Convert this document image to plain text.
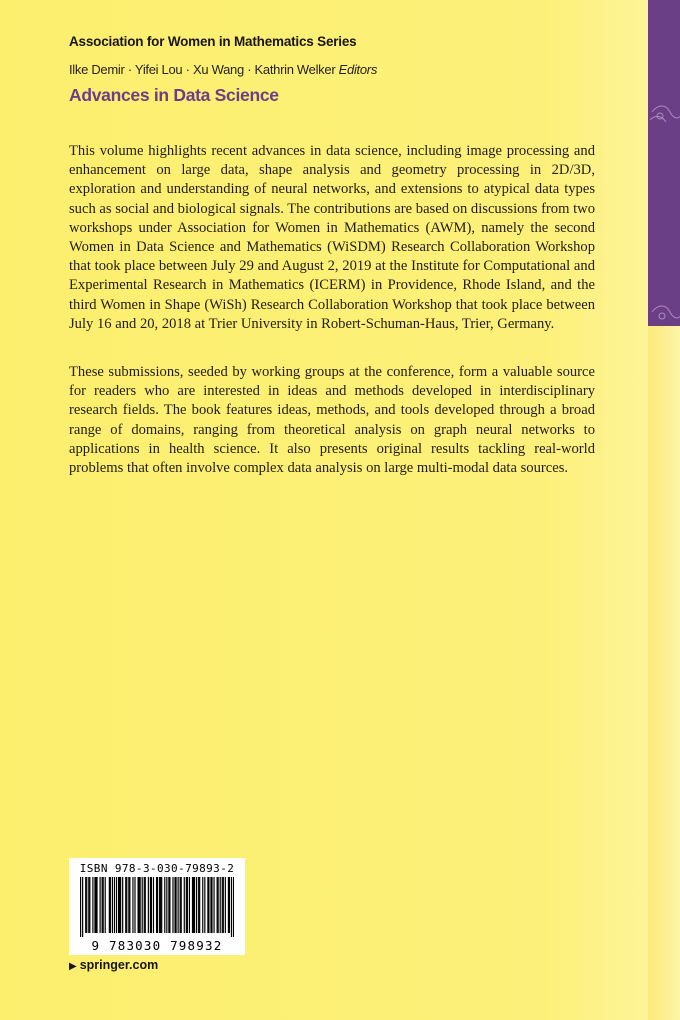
Association for Women in Mathematics Series
Ilke Demir · Yifei Lou · Xu Wang · Kathrin Welker Editors
Advances in Data Science

This volume highlights recent advances in data science, including image processing and enhancement on large data, shape analysis and geometry processing in 2D/3D, exploration and understanding of neural networks, and extensions to atypical data types such as social and biological signals. The contributions are based on discussions from two workshops under Association for Women in Mathematics (AWM), namely the second Women in Data Science and Mathematics (WiSDM) Research Collaboration Workshop that took place between July 29 and August 2, 2019 at the Institute for Computational and Experimental Research in Mathematics (ICERM) in Providence, Rhode Island, and the third Women in Shape (WiSh) Research Collaboration Workshop that took place between July 16 and 20, 2018 at Trier University in Robert-Schuman-Haus, Trier, Germany.

These submissions, seeded by working groups at the conference, form a valuable source for readers who are interested in ideas and methods developed in interdisciplinary research fields. The book features ideas, methods, and tools developed through a broad range of domains, ranging from theoretical analysis on graph neural networks to applications in health science. It also presents original results tackling real-world problems that often involve complex data analysis on large multi-modal data sources.

ISBN 978-3-030-79893-2
9 783030 798932
▶ springer.com
